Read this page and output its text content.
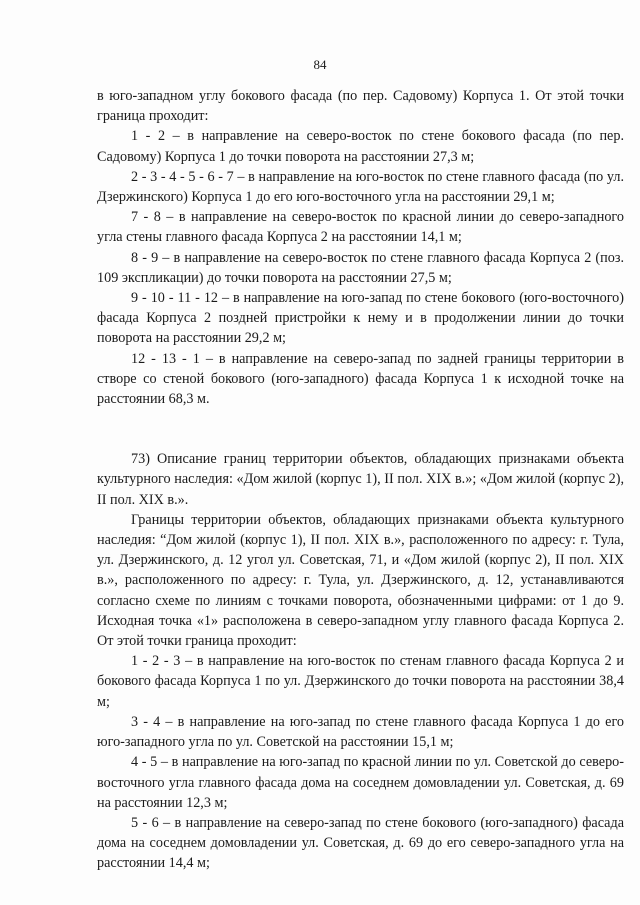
84

в юго-западном углу бокового фасада (по пер. Садовому) Корпуса 1. От этой точки граница проходит:

1 - 2 – в направление на северо-восток по стене бокового фасада (по пер. Садовому) Корпуса 1 до точки поворота на расстоянии 27,3 м;

2 - 3 - 4 - 5 - 6 - 7 – в направление на юго-восток по стене главного фасада (по ул. Дзержинского) Корпуса 1 до его юго-восточного угла на расстоянии 29,1 м;

7 - 8 – в направление на северо-восток по красной линии до северо-западного угла стены главного фасада Корпуса 2 на расстоянии 14,1 м;

8 - 9 – в направление на северо-восток по стене главного фасада Корпуса 2 (поз. 109 экспликации) до точки поворота на расстоянии 27,5 м;

9 - 10 - 11 - 12 – в направление на юго-запад по стене бокового (юго-восточного) фасада Корпуса 2 поздней пристройки к нему и в продолжении линии до точки поворота на расстоянии 29,2 м;

12 - 13 - 1 – в направление на северо-запад по задней границы территории в створе со стеной бокового (юго-западного) фасада Корпуса 1 к исходной точке на расстоянии 68,3 м.

73) Описание границ территории объектов, обладающих признаками объекта культурного наследия: «Дом жилой (корпус 1), II пол. XIX в.»; «Дом жилой (корпус 2), II пол. XIX в.».

Границы территории объектов, обладающих признаками объекта культурного наследия: “Дом жилой (корпус 1), II пол. XIX в.», расположенного по адресу: г. Тула, ул. Дзержинского, д. 12 угол ул. Советская, 71, и «Дом жилой (корпус 2), II пол. XIX в.», расположенного по адресу: г. Тула, ул. Дзержинского, д. 12, устанавливаются согласно схеме по линиям с точками поворота, обозначенными цифрами: от 1 до 9. Исходная точка «1» расположена в северо-западном углу главного фасада Корпуса 2. От этой точки граница проходит:

1 - 2 - 3 – в направление на юго-восток по стенам главного фасада Корпуса 2 и бокового фасада Корпуса 1 по ул. Дзержинского до точки поворота на расстоянии 38,4 м;

3 - 4 – в направление на юго-запад по стене главного фасада Корпуса 1 до его юго-западного угла по ул. Советской на расстоянии 15,1 м;

4 - 5 – в направление на юго-запад по красной линии по ул. Советской до северо-восточного угла главного фасада дома на соседнем домовладении ул. Советская, д. 69 на расстоянии 12,3 м;

5 - 6 – в направление на северо-запад по стене бокового (юго-западного) фасада дома на соседнем домовладении ул. Советская, д. 69 до его северо-западного угла на расстоянии 14,4 м;
